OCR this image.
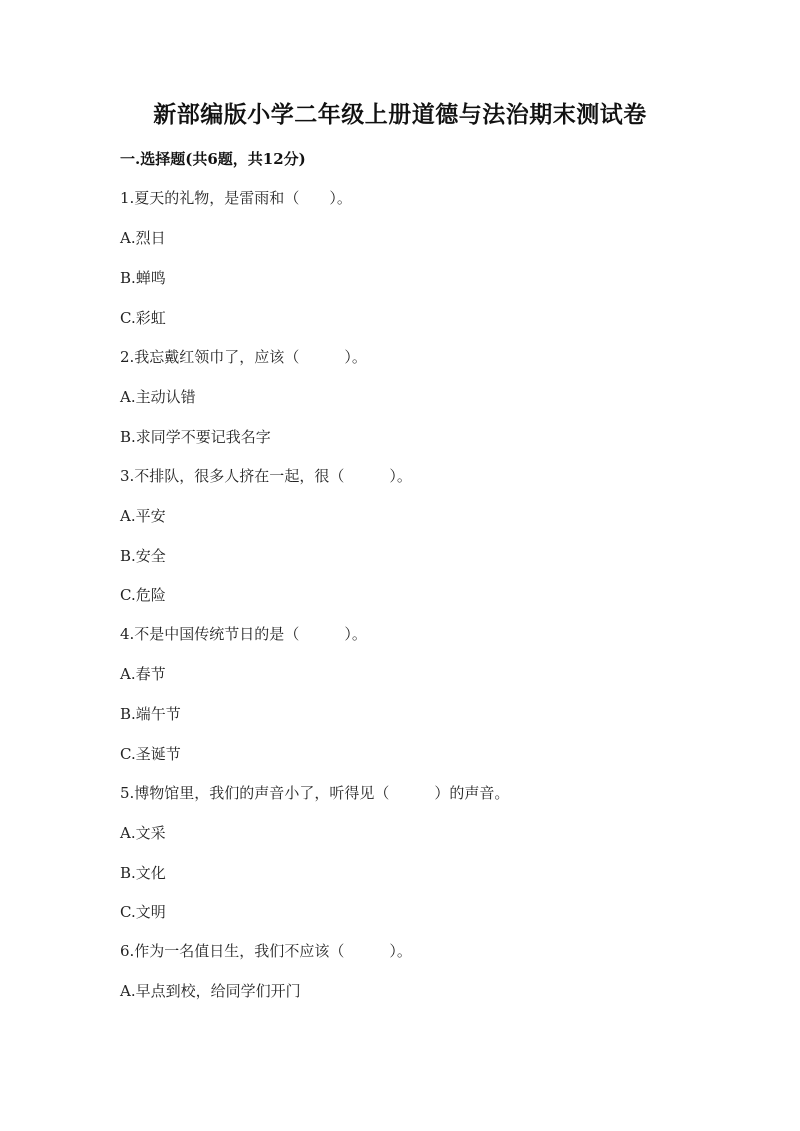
新部编版小学二年级上册道德与法治期末测试卷
一.选择题(共6题，共12分)
1.夏天的礼物，是雷雨和（　　）。
A.烈日
B.蝉鸣
C.彩虹
2.我忘戴红领巾了，应该（　　　）。
A.主动认错
B.求同学不要记我名字
3.不排队，很多人挤在一起，很（　　　）。
A.平安
B.安全
C.危险
4.不是中国传统节日的是（　　　）。
A.春节
B.端午节
C.圣诞节
5.博物馆里，我们的声音小了，听得见（　　　）的声音。
A.文采
B.文化
C.文明
6.作为一名值日生，我们不应该（　　　）。
A.早点到校，给同学们开门
